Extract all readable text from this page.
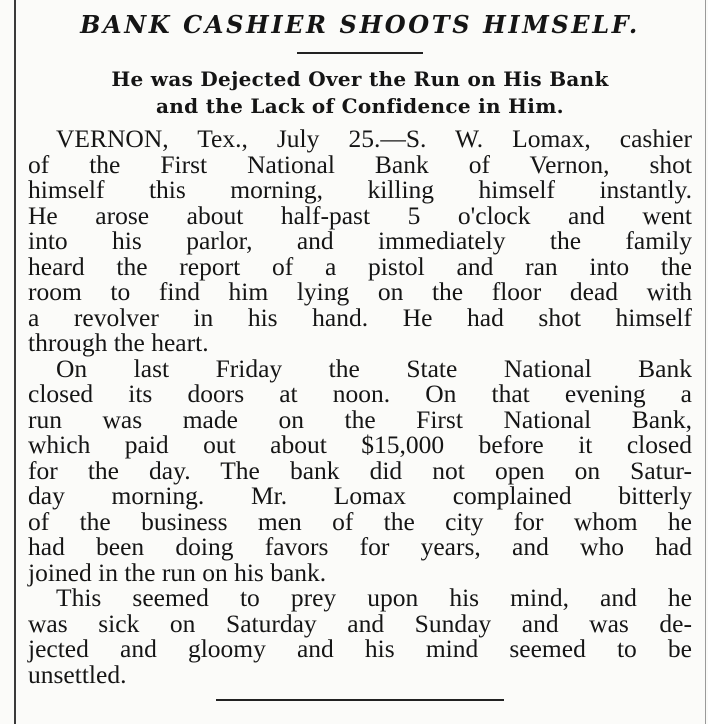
BANK CASHIER SHOOTS HIMSELF.
He was Dejected Over the Run on His Bank
and the Lack of Confidence in Him.
VERNON, Tex., July 25.—S. W. Lomax, cashier
of the First National Bank of Vernon, shot
himself this morning, killing himself instantly.
He arose about half-past 5 o'clock and went
into his parlor, and immediately the family
heard the report of a pistol and ran into the
room to find him lying on the floor dead with
a revolver in his hand. He had shot himself
through the heart.
On last Friday the State National Bank
closed its doors at noon. On that evening a
run was made on the First National Bank,
which paid out about $15,000 before it closed
for the day. The bank did not open on Satur-
day morning. Mr. Lomax complained bitterly
of the business men of the city for whom he
had been doing favors for years, and who had
joined in the run on his bank.
This seemed to prey upon his mind, and he
was sick on Saturday and Sunday and was de-
jected and gloomy and his mind seemed to be
unsettled.
